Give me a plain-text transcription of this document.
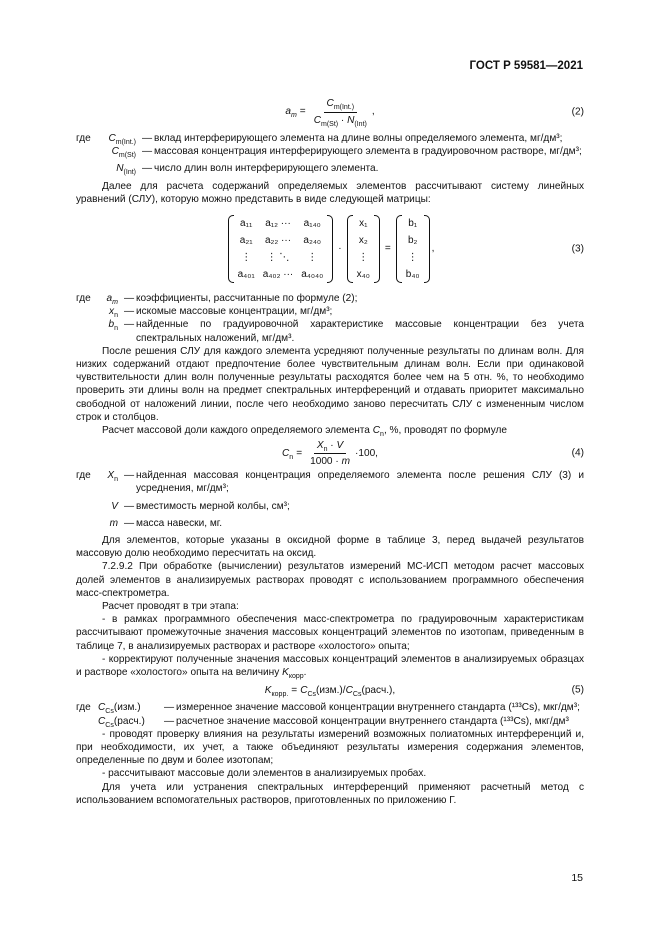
ГОСТ Р 59581—2021
$a_m = \frac{C_{m(Int.)}}{C_{m(St)} \cdot N_{(Int)}}$ ,	(2)
где	$C_{m(Int.)}$ — вклад интерферирующего элемента на длине волны определяемого элемента, мг/дм³;
$C_{m(St)}$ — массовая концентрация интерферирующего элемента в градуировочном растворе, мг/дм³;
$N_{(Int)}$ — число длин волн интерферирующего элемента.

Далее для расчета содержаний определяемых элементов рассчитывают систему линейных уравнений (СЛУ), которую можно представить в виде следующей матрицы:

a₁₁	a₁₂ ···	a₁₄₀
a₂₁	a₂₂ ···	a₂₄₀
⋮	⋮ ⋱	⋮
a₄₀₁	a₄₀₂ ···	a₄₀₄₀
·
x₁
x₂
⋮
x₄₀
=
b₁
b₂
⋮
b₄₀
,	(3)
где	$a_m$ — коэффициенты, рассчитанные по формуле (2);
$x_n$ — искомые массовые концентрации, мг/дм³;
$b_n$ — найденные по градуировочной характеристике массовые концентрации без учета спектральных наложений, мг/дм³.

После решения СЛУ для каждого элемента усредняют полученные результаты по длинам волн. Для низких содержаний отдают предпочтение более чувствительным длинам волн. Если при одинаковой чувствительности длин волн полученные результаты расходятся более чем на 5 отн. %, то необходимо проверить эти длины волн на предмет спектральных интерференций и отдавать приоритет максимально свободной от наложений линии, после чего необходимо заново пересчитать СЛУ с измененным числом строк и столбцов.

Расчет массовой доли каждого определяемого элемента $C_n$, %, проводят по формуле

$C_n = \frac{X_n \cdot V}{1000 \cdot m} \cdot 100$,	(4)
где	$X_n$ — найденная массовая концентрация определяемого элемента после решения СЛУ (3) и усреднения, мг/дм³;
V — вместимость мерной колбы, см³;
m — масса навески, мг.

Для элементов, которые указаны в оксидной форме в таблице 3, перед выдачей результатов массовую долю необходимо пересчитать на оксид.

7.2.9.2 При обработке (вычислении) результатов измерений МС-ИСП методом расчет массовых долей элементов в анализируемых растворах проводят с использованием программного обеспечения масс-спектрометра.

Расчет проводят в три этапа:

- в рамках программного обеспечения масс-спектрометра по градуировочным характеристикам рассчитывают промежуточные значения массовых концентраций элементов по изотопам, приведенным в таблице 7, в анализируемых растворах и растворе «холостого» опыта;

- корректируют полученные значения массовых концентраций элементов в анализируемых образцах и растворе «холостого» опыта на величину $K_{корр}$.

$K_{корр.}$ = $C_{Cs}(изм.)/C_{Cs}(расч.)$,	(5)
где $C_{Cs}(изм.)$	— измеренное значение массовой концентрации внутреннего стандарта (¹³³Cs), мкг/дм³;
$C_{Cs}(расч.)$	— расчетное значение массовой концентрации внутреннего стандарта (¹³³Cs), мкг/дм³

- проводят проверку влияния на результаты измерений возможных полиатомных интерференций и, при необходимости, их учет, а также объединяют результаты измерения содержания элементов, определенные по двум и более изотопам;

- рассчитывают массовые доли элементов в анализируемых пробах.

Для учета или устранения спектральных интерференций применяют расчетный метод с использованием вспомогательных растворов, приготовленных по приложению Г.

15
